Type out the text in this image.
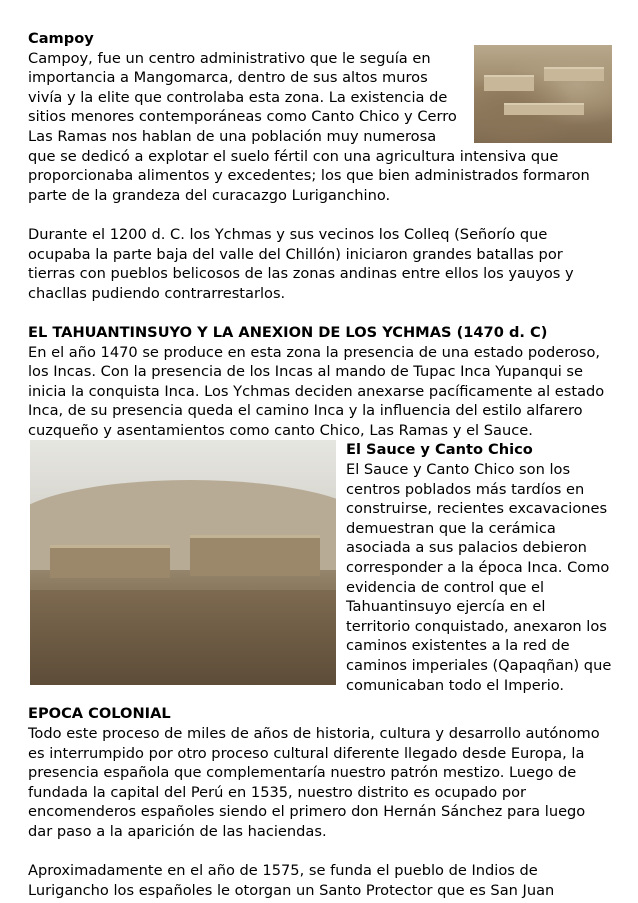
Campoy

Campoy, fue un centro administrativo que le seguía en importancia a Mangomarca, dentro de sus altos muros vivía y la elite que controlaba esta zona. La existencia de sitios menores contemporáneas como Canto Chico y Cerro Las Ramas nos hablan de una población muy numerosa que se dedicó a explotar el suelo fértil con una agricultura intensiva que proporcionaba alimentos y excedentes; los que bien administrados formaron parte de la grandeza del curacazgo Luriganchino.

Durante el 1200 d. C. los Ychmas y sus vecinos los Colleq (Señorío que ocupaba la parte baja del valle del Chillón) iniciaron grandes batallas por tierras con pueblos belicosos de las zonas andinas entre ellos los yauyos y chacllas pudiendo contrarrestarlos.

EL TAHUANTINSUYO Y LA ANEXION DE LOS YCHMAS (1470 d. C)

En el año 1470 se produce en esta zona la presencia de una estado poderoso, los Incas. Con la presencia de los Incas al mando de Tupac Inca Yupanqui se inicia la conquista Inca. Los Ychmas deciden anexarse pacíficamente al estado Inca, de su presencia queda el camino Inca y la influencia del estilo alfarero cuzqueño y asentamientos como canto Chico, Las Ramas y el Sauce.

El Sauce y Canto Chico

El Sauce y Canto Chico son los centros poblados más tardíos en construirse, recientes excavaciones demuestran que la cerámica asociada a sus palacios debieron corresponder a la época Inca. Como evidencia de control que el Tahuantinsuyo ejercía en el territorio conquistado, anexaron los caminos existentes a la red de caminos imperiales (Qapaqñan) que comunicaban todo el Imperio.

EPOCA COLONIAL

Todo este proceso de miles de años de historia, cultura y desarrollo autónomo es interrumpido por otro proceso cultural diferente llegado desde Europa, la presencia española que complementaría nuestro patrón mestizo. Luego de fundada la capital del Perú en 1535, nuestro distrito es ocupado por encomenderos españoles siendo el primero don Hernán Sánchez para luego dar paso a la aparición de las haciendas.

Aproximadamente en el año de 1575, se funda el pueblo de Indios de Lurigancho los españoles le otorgan un Santo Protector que es San Juan
